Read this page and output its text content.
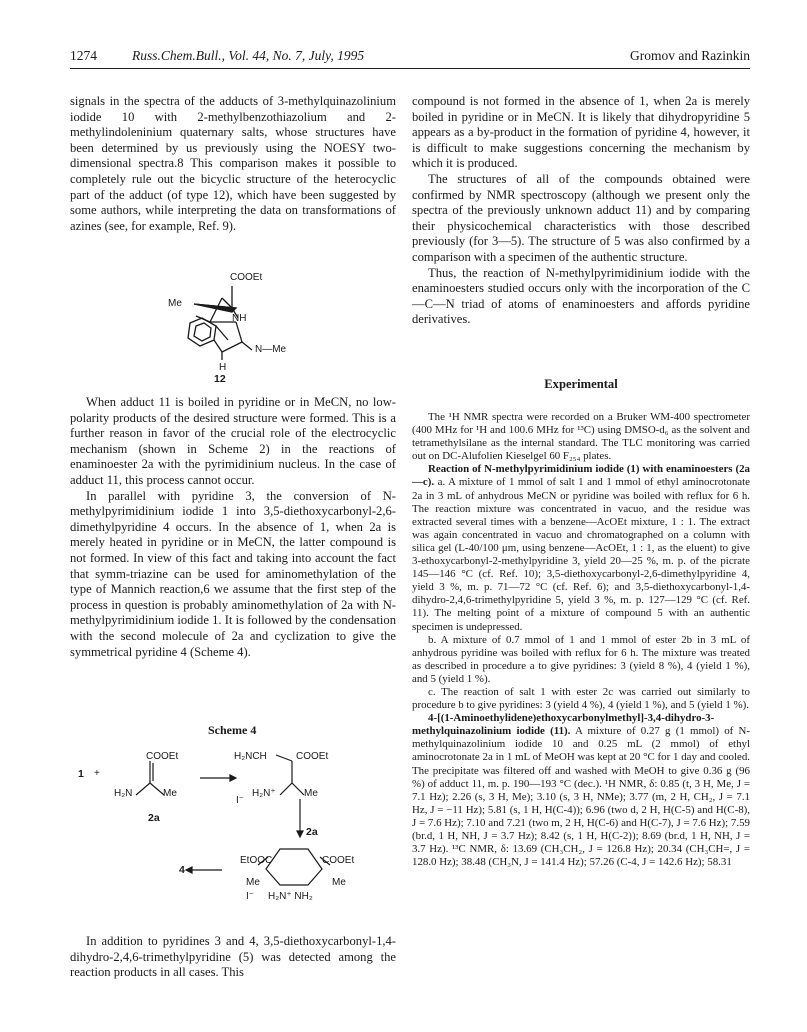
1274	Russ.Chem.Bull., Vol. 44, No. 7, July, 1995	Gromov and Razinkin

signals in the spectra of the adducts of 3-methylquinazolinium iodide 10 with 2-methylbenzothiazolium and 2-methylindoleninium quaternary salts, whose structures have been determined by us previously using the NOESY two-dimensional spectra.8 This comparison makes it possible to completely rule out the bicyclic structure of the heterocyclic part of the adduct (of type 12), which have been suggested by some authors, while interpreting the data on transformations of azines (see, for example, Ref. 9).

COOEt
Me
NH
N—Me
H
12

When adduct 11 is boiled in pyridine or in MeCN, no low-polarity products of the desired structure were formed. This is a further reason in favor of the crucial role of the electrocyclic mechanism (shown in Scheme 2) in the reactions of enaminoester 2a with the pyrimidinium nucleus. In the case of adduct 11, this process cannot occur.

In parallel with pyridine 3, the conversion of N-methylpyrimidinium iodide 1 into 3,5-diethoxycarbonyl-2,6-dimethylpyridine 4 occurs. In the absence of 1, when 2a is merely heated in pyridine or in MeCN, the latter compound is not formed. In view of this fact and taking into account the fact that symm-triazine can be used for aminomethylation of the type of Mannich reaction,6 we assume that the first step of the process in question is probably aminomethylation of 2a with N-methylpyrimidinium iodide 1. It is followed by the condensation with the second molecule of 2a and cyclization to give the symmetrical pyridine 4 (Scheme 4).

Scheme 4
1 +
COOEt
H₂N	Me
2a
H₂NCH	COOEt
I⁻
H₂N⁺	Me
2a
EtOOC	COOEt
4
Me	Me
I⁻ H₂N⁺ NH₂

In addition to pyridines 3 and 4, 3,5-diethoxycarbonyl-1,4-dihydro-2,4,6-trimethylpyridine (5) was detected among the reaction products in all cases. This

compound is not formed in the absence of 1, when 2a is merely boiled in pyridine or in MeCN. It is likely that dihydropyridine 5 appears as a by-product in the formation of pyridine 4, however, it is difficult to make suggestions concerning the mechanism by which it is produced.

The structures of all of the compounds obtained were confirmed by NMR spectroscopy (although we present only the spectra of the previously unknown adduct 11) and by comparing their physicochemical characteristics with those described previously (for 3—5). The structure of 5 was also confirmed by a comparison with a specimen of the authentic structure.

Thus, the reaction of N-methylpyrimidinium iodide with the enaminoesters studied occurs only with the incorporation of the C—C—N triad of atoms of enaminoesters and affords pyridine derivatives.

Experimental

The ¹H NMR spectra were recorded on a Bruker WM-400 spectrometer (400 MHz for ¹H and 100.6 MHz for ¹³C) using DMSO-d₆ as the solvent and tetramethylsilane as the internal standard. The TLC monitoring was carried out on DC-Alufolien Kieselgel 60 F₂₅₄ plates.

Reaction of N-methylpyrimidinium iodide (1) with enaminoesters (2a—c). a. A mixture of 1 mmol of salt 1 and 1 mmol of ethyl aminocrotonate 2a in 3 mL of anhydrous MeCN or pyridine was boiled with reflux for 6 h. The reaction mixture was concentrated in vacuo, and the residue was extracted several times with a benzene—AcOEt mixture, 1 : 1. The extract was again concentrated in vacuo and chromatographed on a column with silica gel (L-40/100 μm, using benzene—AcOEt, 1 : 1, as the eluent) to give 3-ethoxycarbonyl-2-methylpyridine 3, yield 20—25 %, m. p. of the picrate 145—146 °C (cf. Ref. 10); 3,5-diethoxycarbonyl-2,6-dimethylpyridine 4, yield 3 %, m. p. 71—72 °C (cf. Ref. 6); and 3,5-diethoxycarbonyl-1,4-dihydro-2,4,6-trimethylpyridine 5, yield 3 %, m. p. 127—129 °C (cf. Ref. 11). The melting point of a mixture of compound 5 with an authentic specimen is undepressed.

b. A mixture of 0.7 mmol of 1 and 1 mmol of ester 2b in 3 mL of anhydrous pyridine was boiled with reflux for 6 h. The mixture was treated as described in procedure a to give pyridines: 3 (yield 8 %), 4 (yield 1 %), and 5 (yield 1 %).

c. The reaction of salt 1 with ester 2c was carried out similarly to procedure b to give pyridines: 3 (yield 4 %), 4 (yield 1 %), and 5 (yield 1 %).

4-[(1-Aminoethylidene)ethoxycarbonylmethyl]-3,4-dihydro-3-methylquinazolinium iodide (11). A mixture of 0.27 g (1 mmol) of N-methylquinazolinium iodide 10 and 0.25 mL (2 mmol) of ethyl aminocrotonate 2a in 1 mL of MeOH was kept at 20 °C for 1 day and cooled. The precipitate was filtered off and washed with MeOH to give 0.36 g (96 %) of adduct 11, m. p. 190—193 °C (dec.). ¹H NMR, δ: 0.85 (t, 3 H, Me, J = 7.1 Hz); 2.26 (s, 3 H, Me); 3.10 (s, 3 H, NMe); 3.77 (m, 2 H, CH₂, J = 7.1 Hz, J = −11 Hz); 5.81 (s, 1 H, H(C-4)); 6.96 (two d, 2 H, H(C-5) and H(C-8), J = 7.6 Hz); 7.10 and 7.21 (two m, 2 H, H(C-6) and H(C-7), J = 7.6 Hz); 7.59 (br.d, 1 H, NH, J = 3.7 Hz); 8.42 (s, 1 H, H(C-2)); 8.69 (br.d, 1 H, NH, J = 3.7 Hz). ¹³C NMR, δ: 13.69 (CH₃CH₂, J = 126.8 Hz); 20.34 (CH₃CH=, J = 128.0 Hz); 38.48 (CH₃N, J = 141.4 Hz); 57.26 (C-4, J = 142.6 Hz); 58.31
